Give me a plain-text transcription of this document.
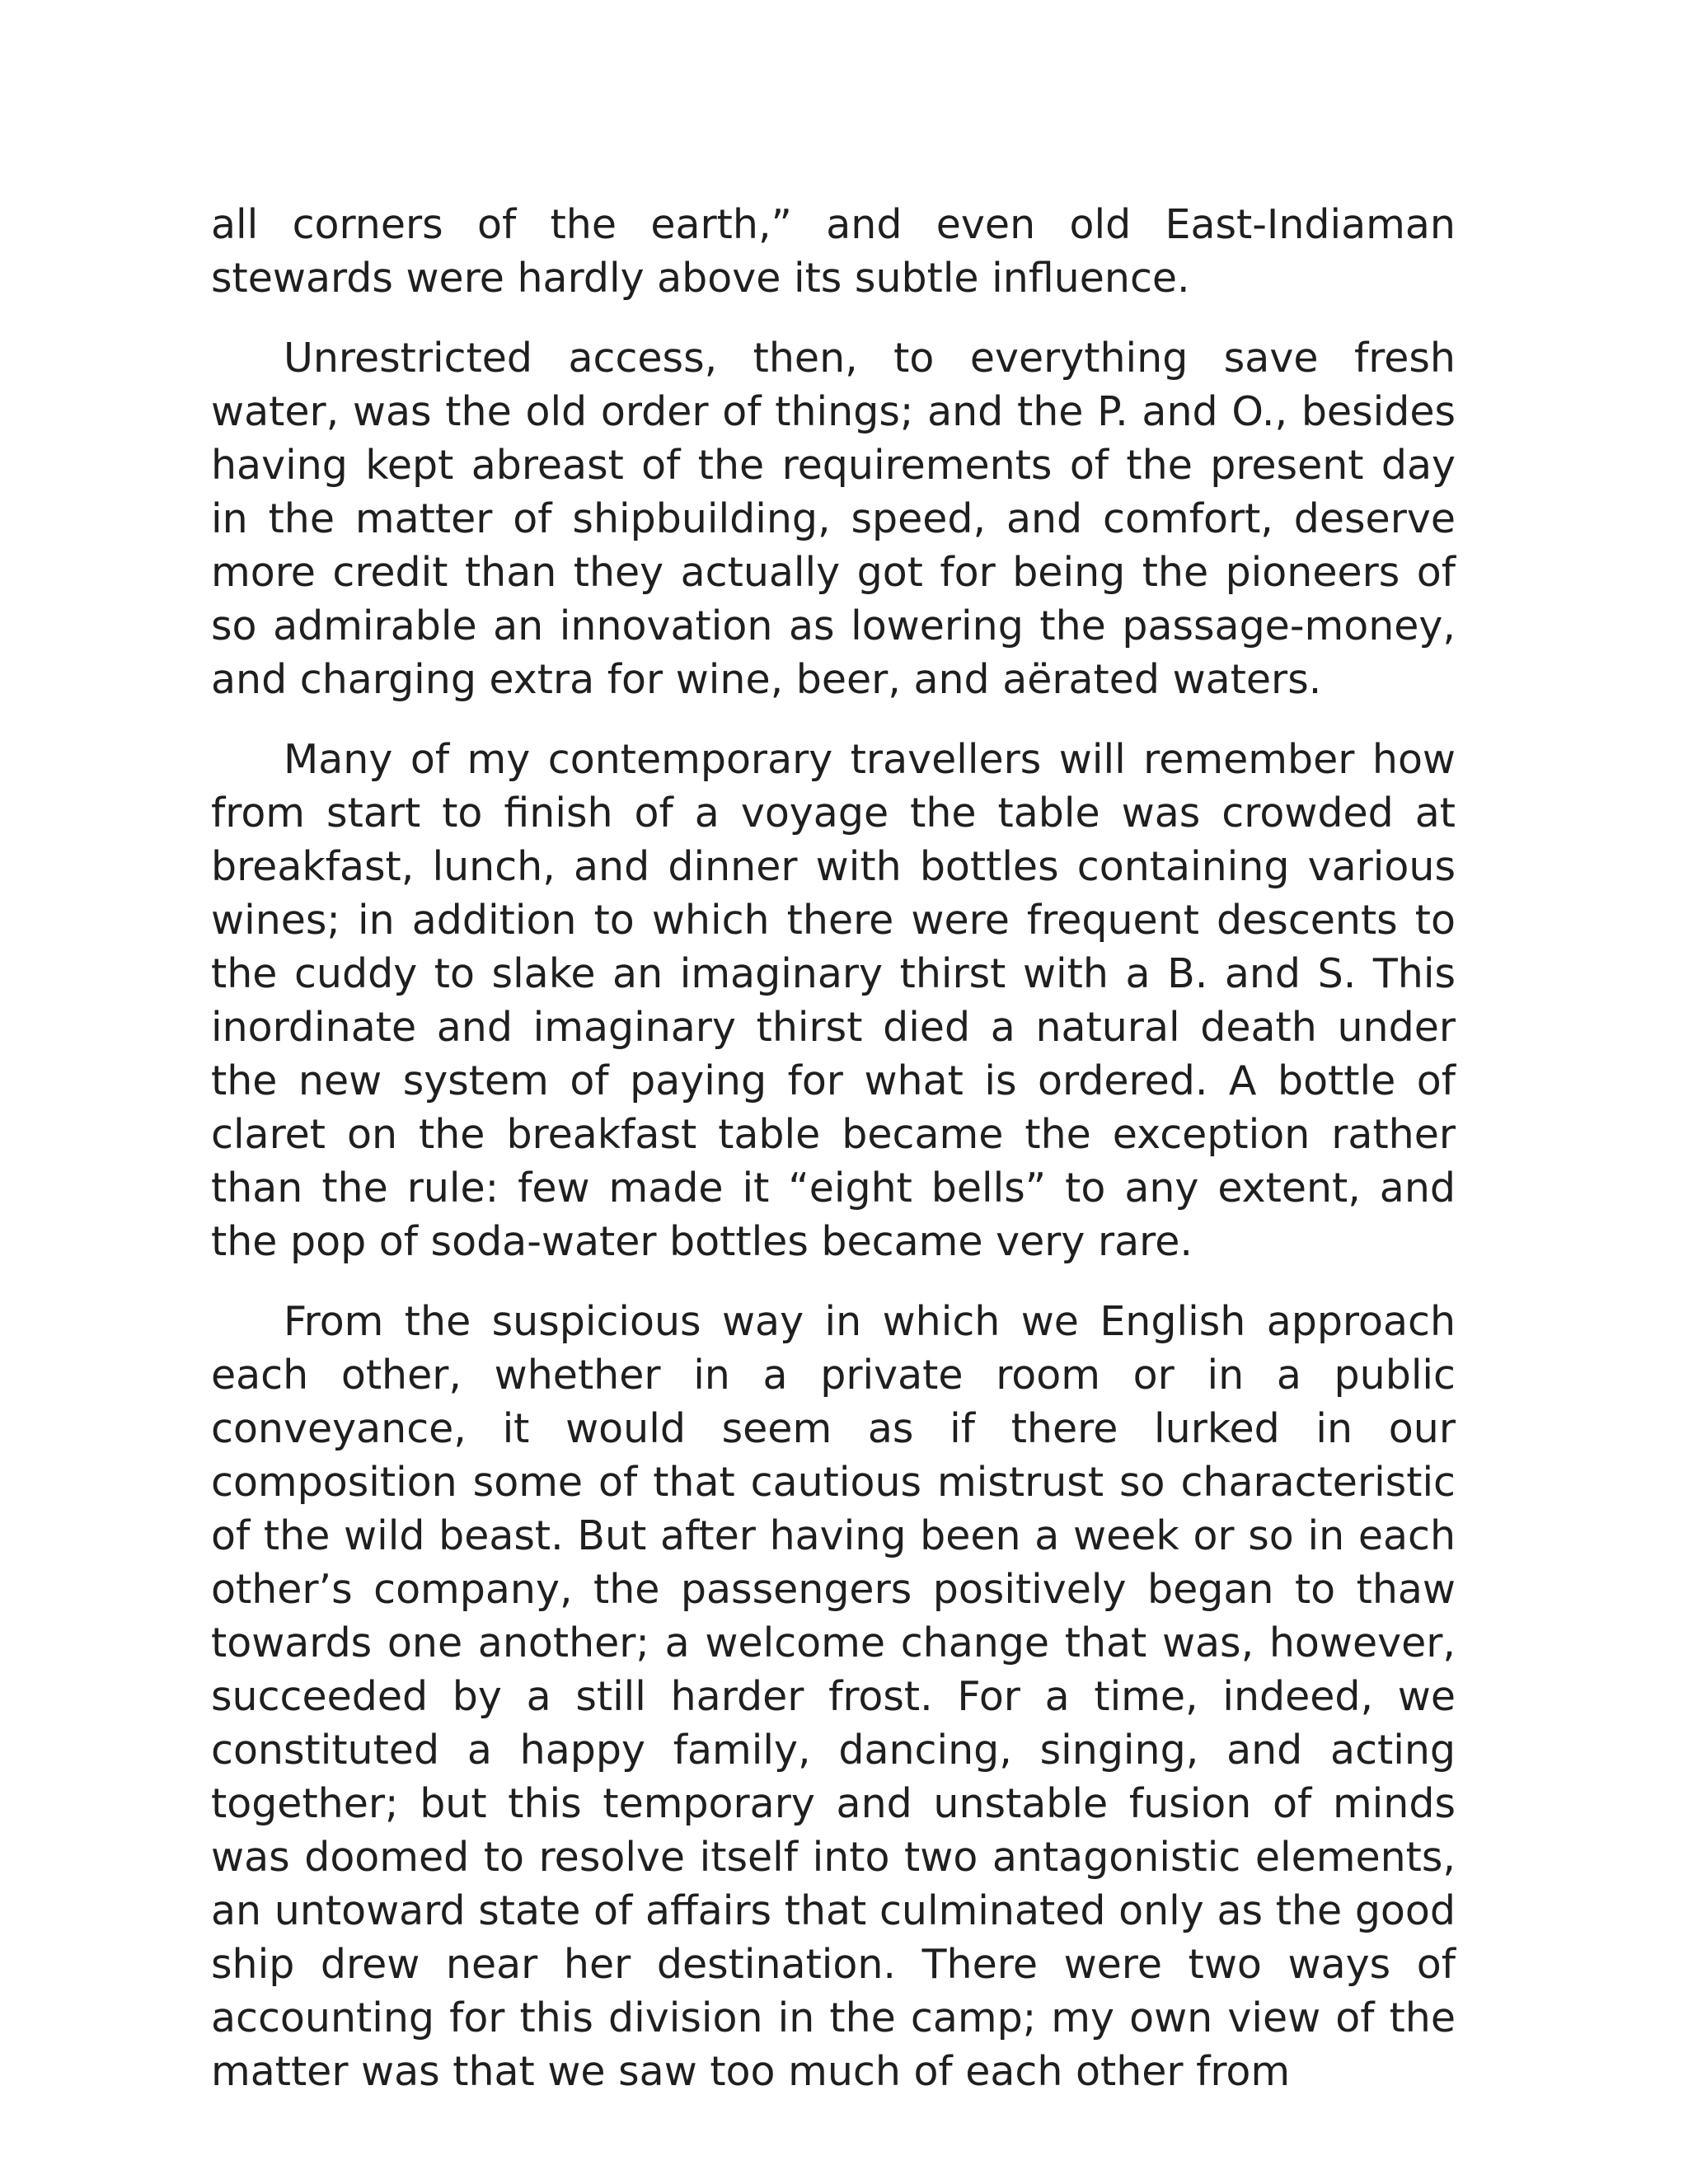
all corners of the earth,” and even old East-Indiaman stewards were hardly above its subtle influence.

Unrestricted access, then, to everything save fresh water, was the old order of things; and the P. and O., besides having kept abreast of the requirements of the present day in the matter of shipbuilding, speed, and comfort, deserve more credit than they actually got for being the pioneers of so admirable an innovation as lowering the passage-money, and charging extra for wine, beer, and aërated waters.

Many of my contemporary travellers will remember how from start to finish of a voyage the table was crowded at breakfast, lunch, and dinner with bottles containing various wines; in addition to which there were frequent descents to the cuddy to slake an imaginary thirst with a B. and S. This inordinate and imaginary thirst died a natural death under the new system of paying for what is ordered. A bottle of claret on the breakfast table became the exception rather than the rule: few made it “eight bells” to any extent, and the pop of soda-water bottles became very rare.

From the suspicious way in which we English approach each other, whether in a private room or in a public conveyance, it would seem as if there lurked in our composition some of that cautious mistrust so characteristic of the wild beast. But after having been a week or so in each other’s company, the passengers positively began to thaw towards one another; a welcome change that was, however, succeeded by a still harder frost. For a time, indeed, we constituted a happy family, dancing, singing, and acting together; but this temporary and unstable fusion of minds was doomed to resolve itself into two antagonistic elements, an untoward state of affairs that culminated only as the good ship drew near her destination. There were two ways of accounting for this division in the camp; my own view of the matter was that we saw too much of each other from
